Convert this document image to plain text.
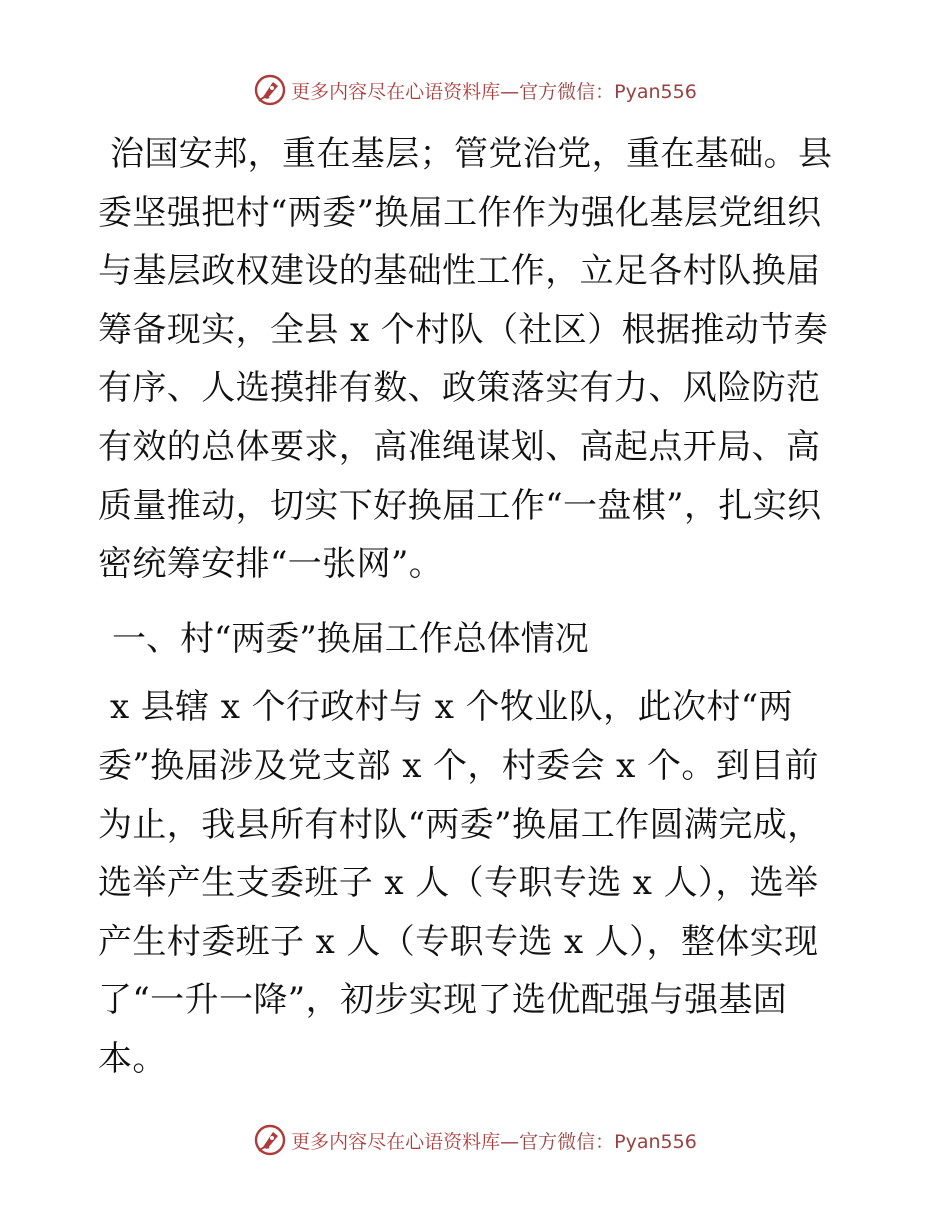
更多内容尽在心语资料库 —官方微信：Pyan556

治国安邦，重在基层；管党治党，重在基础。县委坚强把村“两委”换届工作作为强化基层党组织与基层政权建设的基础性工作，立足各村队换届筹备现实，全县 x 个村队（社区）根据推动节奏有序、人选摸排有数、政策落实有力、风险防范有效的总体要求，高准绳谋划、高起点开局、高质量推动，切实下好换届工作“一盘棋”，扎实织密统筹安排“一张网”。

一、村“两委”换届工作总体情况

x 县辖 x 个行政村与 x 个牧业队，此次村“两委”换届涉及党支部 x 个，村委会 x 个。到目前为止，我县所有村队“两委”换届工作圆满完成，选举产生支委班子 x 人（专职专选 x 人），选举产生村委班子 x 人（专职专选 x 人），整体实现了“一升一降”，初步实现了选优配强与强基固本。

更多内容尽在心语资料库 —官方微信：Pyan556
